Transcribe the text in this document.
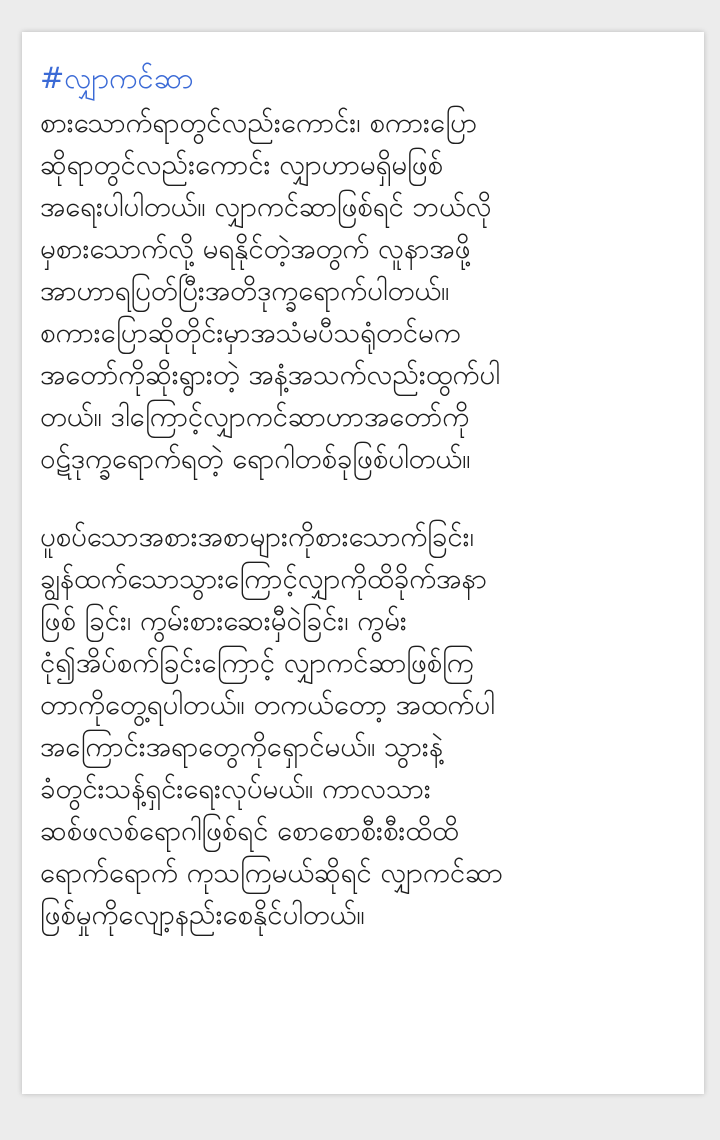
#လျှာကင်ဆာ

စားသောက်ရာတွင်လည်းကောင်း၊ စကားပြော
ဆိုရာတွင်လည်းကောင်း လျှာဟာမရှိမဖြစ်
အရေးပါပါတယ်။ လျှာကင်ဆာဖြစ်ရင် ဘယ်လို
မှစားသောက်လို့ မရနိုင်တဲ့အတွက် လူနာအဖို့
အာဟာရပြတ်ပြီးအတိဒုက္ခရောက်ပါတယ်။
စကားပြောဆိုတိုင်းမှာအသံမပီသရုံတင်မက
အတော်ကိုဆိုးရွားတဲ့ အနံ့အသက်လည်းထွက်ပါ
တယ်။ ဒါကြောင့်လျှာကင်ဆာဟာအတော်ကို
ဝဋ်ဒုက္ခရောက်ရတဲ့ ရောဂါတစ်ခုဖြစ်ပါတယ်။

ပူစပ်သောအစားအစာများကိုစားသောက်ခြင်း၊
ချွန်ထက်သောသွားကြောင့်လျှာကိုထိခိုက်အနာ
ဖြစ် ခြင်း၊ ကွမ်းစားဆေးမှီဝဲခြင်း၊ ကွမ်း
ငုံ၍အိပ်စက်ခြင်းကြောင့် လျှာကင်ဆာဖြစ်ကြ
တာကိုတွေ့ရပါတယ်။ တကယ်တော့ အထက်ပါ
အကြောင်းအရာတွေကိုရှောင်မယ်။ သွားနဲ့
ခံတွင်းသန့်ရှင်းရေးလုပ်မယ်။ ကာလသား
ဆစ်ဖလစ်ရောဂါဖြစ်ရင် စောစောစီးစီးထိထိ
ရောက်ရောက် ကုသကြမယ်ဆိုရင် လျှာကင်ဆာ
ဖြစ်မှုကိုလျော့နည်းစေနိုင်ပါတယ်။
